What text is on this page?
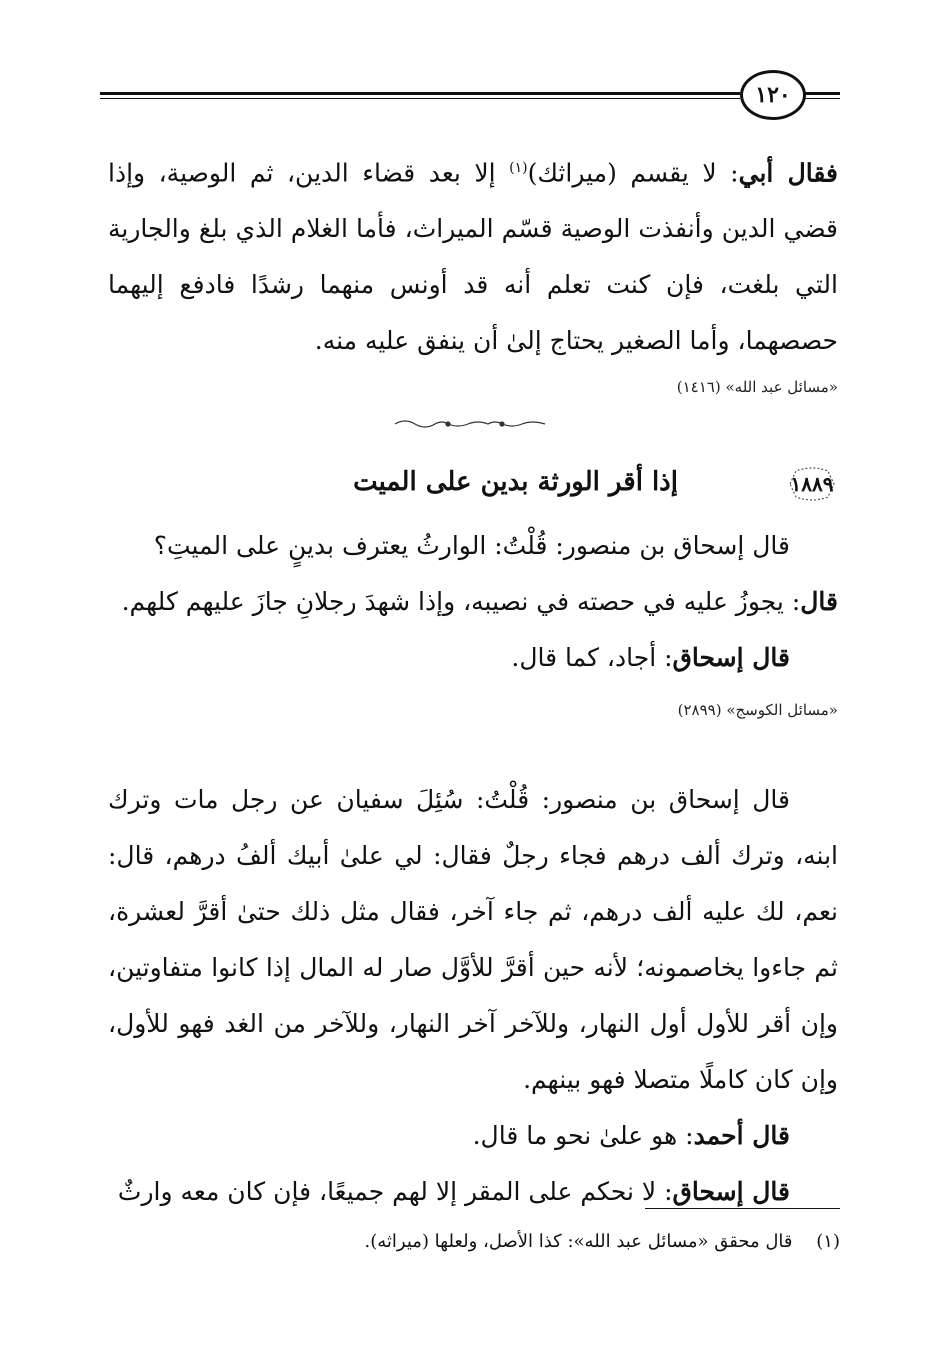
١٢٠

فقال أبي: لا يقسم (ميراثك)$^{(١)}$ إلا بعد قضاء الدين، ثم الوصية، وإذا قضي الدين وأنفذت الوصية قسّم الميراث، فأما الغلام الذي بلغ والجارية التي بلغت، فإن كنت تعلم أنه قد أونس منهما رشدًا فادفع إليهما حصصهما، وأما الصغير يحتاج إلىٰ أن ينفق عليه منه.

«مسائل عبد الله» (١٤١٦)

١٨٨٩
إذا أقر الورثة بدين على الميت

قال إسحاق بن منصور: قُلْتُ: الوارثُ يعترف بدينٍ على الميتِ؟

قال: يجوزُ عليه في حصته في نصيبه، وإذا شهدَ رجلانِ جازَ عليهم كلهم.

قال إسحاق: أجاد، كما قال.

«مسائل الكوسج» (٢٨٩٩)

قال إسحاق بن منصور: قُلْتُ: سُئِلَ سفيان عن رجل مات وترك ابنه، وترك ألف درهم فجاء رجلٌ فقال: لي علىٰ أبيك ألفُ درهم، قال: نعم، لك عليه ألف درهم، ثم جاء آخر، فقال مثل ذلك حتىٰ أقرَّ لعشرة، ثم جاءوا يخاصمونه؛ لأنه حين أقرَّ للأوَّل صار له المال إذا كانوا متفاوتين، وإن أقر للأول أول النهار، وللآخر آخر النهار، وللآخر من الغد فهو للأول، وإن كان كاملًا متصلا فهو بينهم.

قال أحمد: هو علىٰ نحو ما قال.

قال إسحاق: لا نحكم على المقر إلا لهم جميعًا، فإن كان معه وارثٌ

(١) قال محقق «مسائل عبد الله»: كذا الأصل، ولعلها (ميراثه).
